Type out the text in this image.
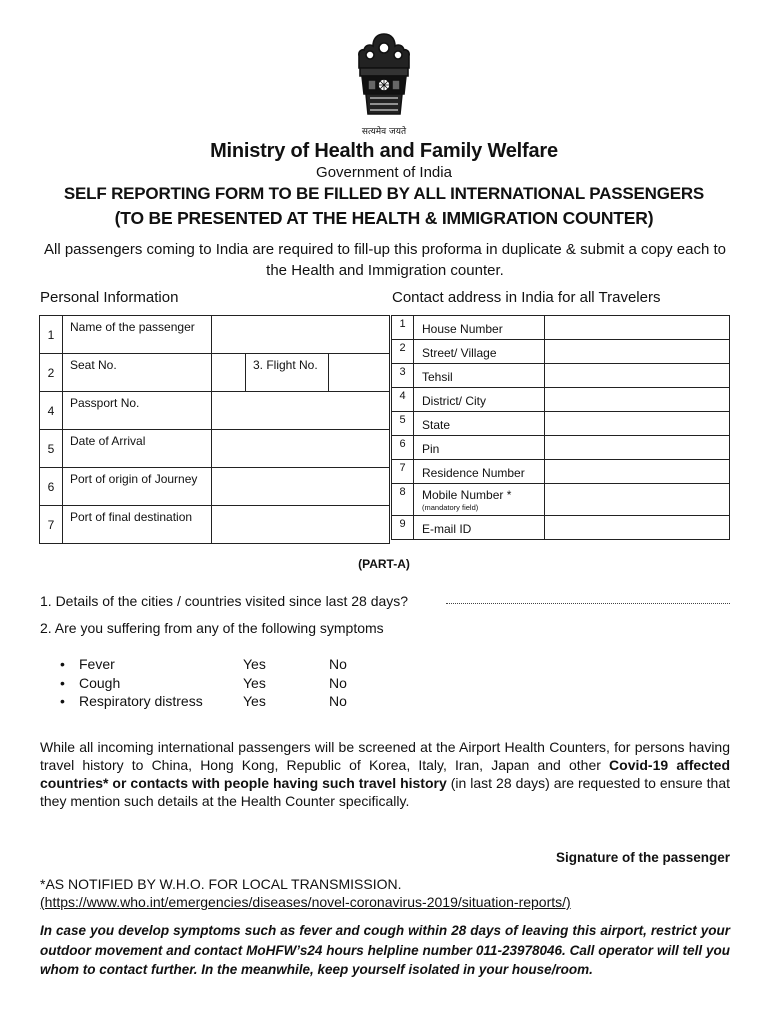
सत्यमेव जयते
Ministry of Health and Family Welfare
Government of India
SELF REPORTING FORM TO BE FILLED BY ALL INTERNATIONAL PASSENGERS
(TO BE PRESENTED AT THE HEALTH & IMMIGRATION COUNTER)
All passengers coming to India are required to fill-up this proforma in duplicate & submit a copy each to the Health and Immigration counter.
Personal Information	Contact address in India for all Travelers
1	Name of the passenger	
2	Seat No.	3. Flight No.

4	Passport No.	
5	Date of Arrival	
6	Port of origin of Journey	
7	Port of final destination	
1	House Number	
2	Street/ Village	
3	Tehsil	
4	District/ City	
5	State	
6	Pin	
7	Residence Number	
8	Mobile Number *
(mandatory field)	

9	E-mail ID	
(PART-A)
1. Details of the cities / countries visited since last 28 days?
2. Are you suffering from any of the following symptoms
• Fever	Yes	No
• Cough	Yes	No
• Respiratory distress	Yes	No
While all incoming international passengers will be screened at the Airport Health Counters, for persons having travel history to China, Hong Kong, Republic of Korea, Italy, Iran, Japan and other Covid-19 affected countries* or contacts with people having such travel history (in last 28 days) are requested to ensure that they mention such details at the Health Counter specifically.
Signature of the passenger
*AS NOTIFIED BY W.H.O. FOR LOCAL TRANSMISSION.
(https://www.who.int/emergencies/diseases/novel-coronavirus-2019/situation-reports/)
In case you develop symptoms such as fever and cough within 28 days of leaving this airport, restrict your outdoor movement and contact MoHFW’s24 hours helpline number 011-23978046. Call operator will tell you whom to contact further. In the meanwhile, keep yourself isolated in your house/room.
